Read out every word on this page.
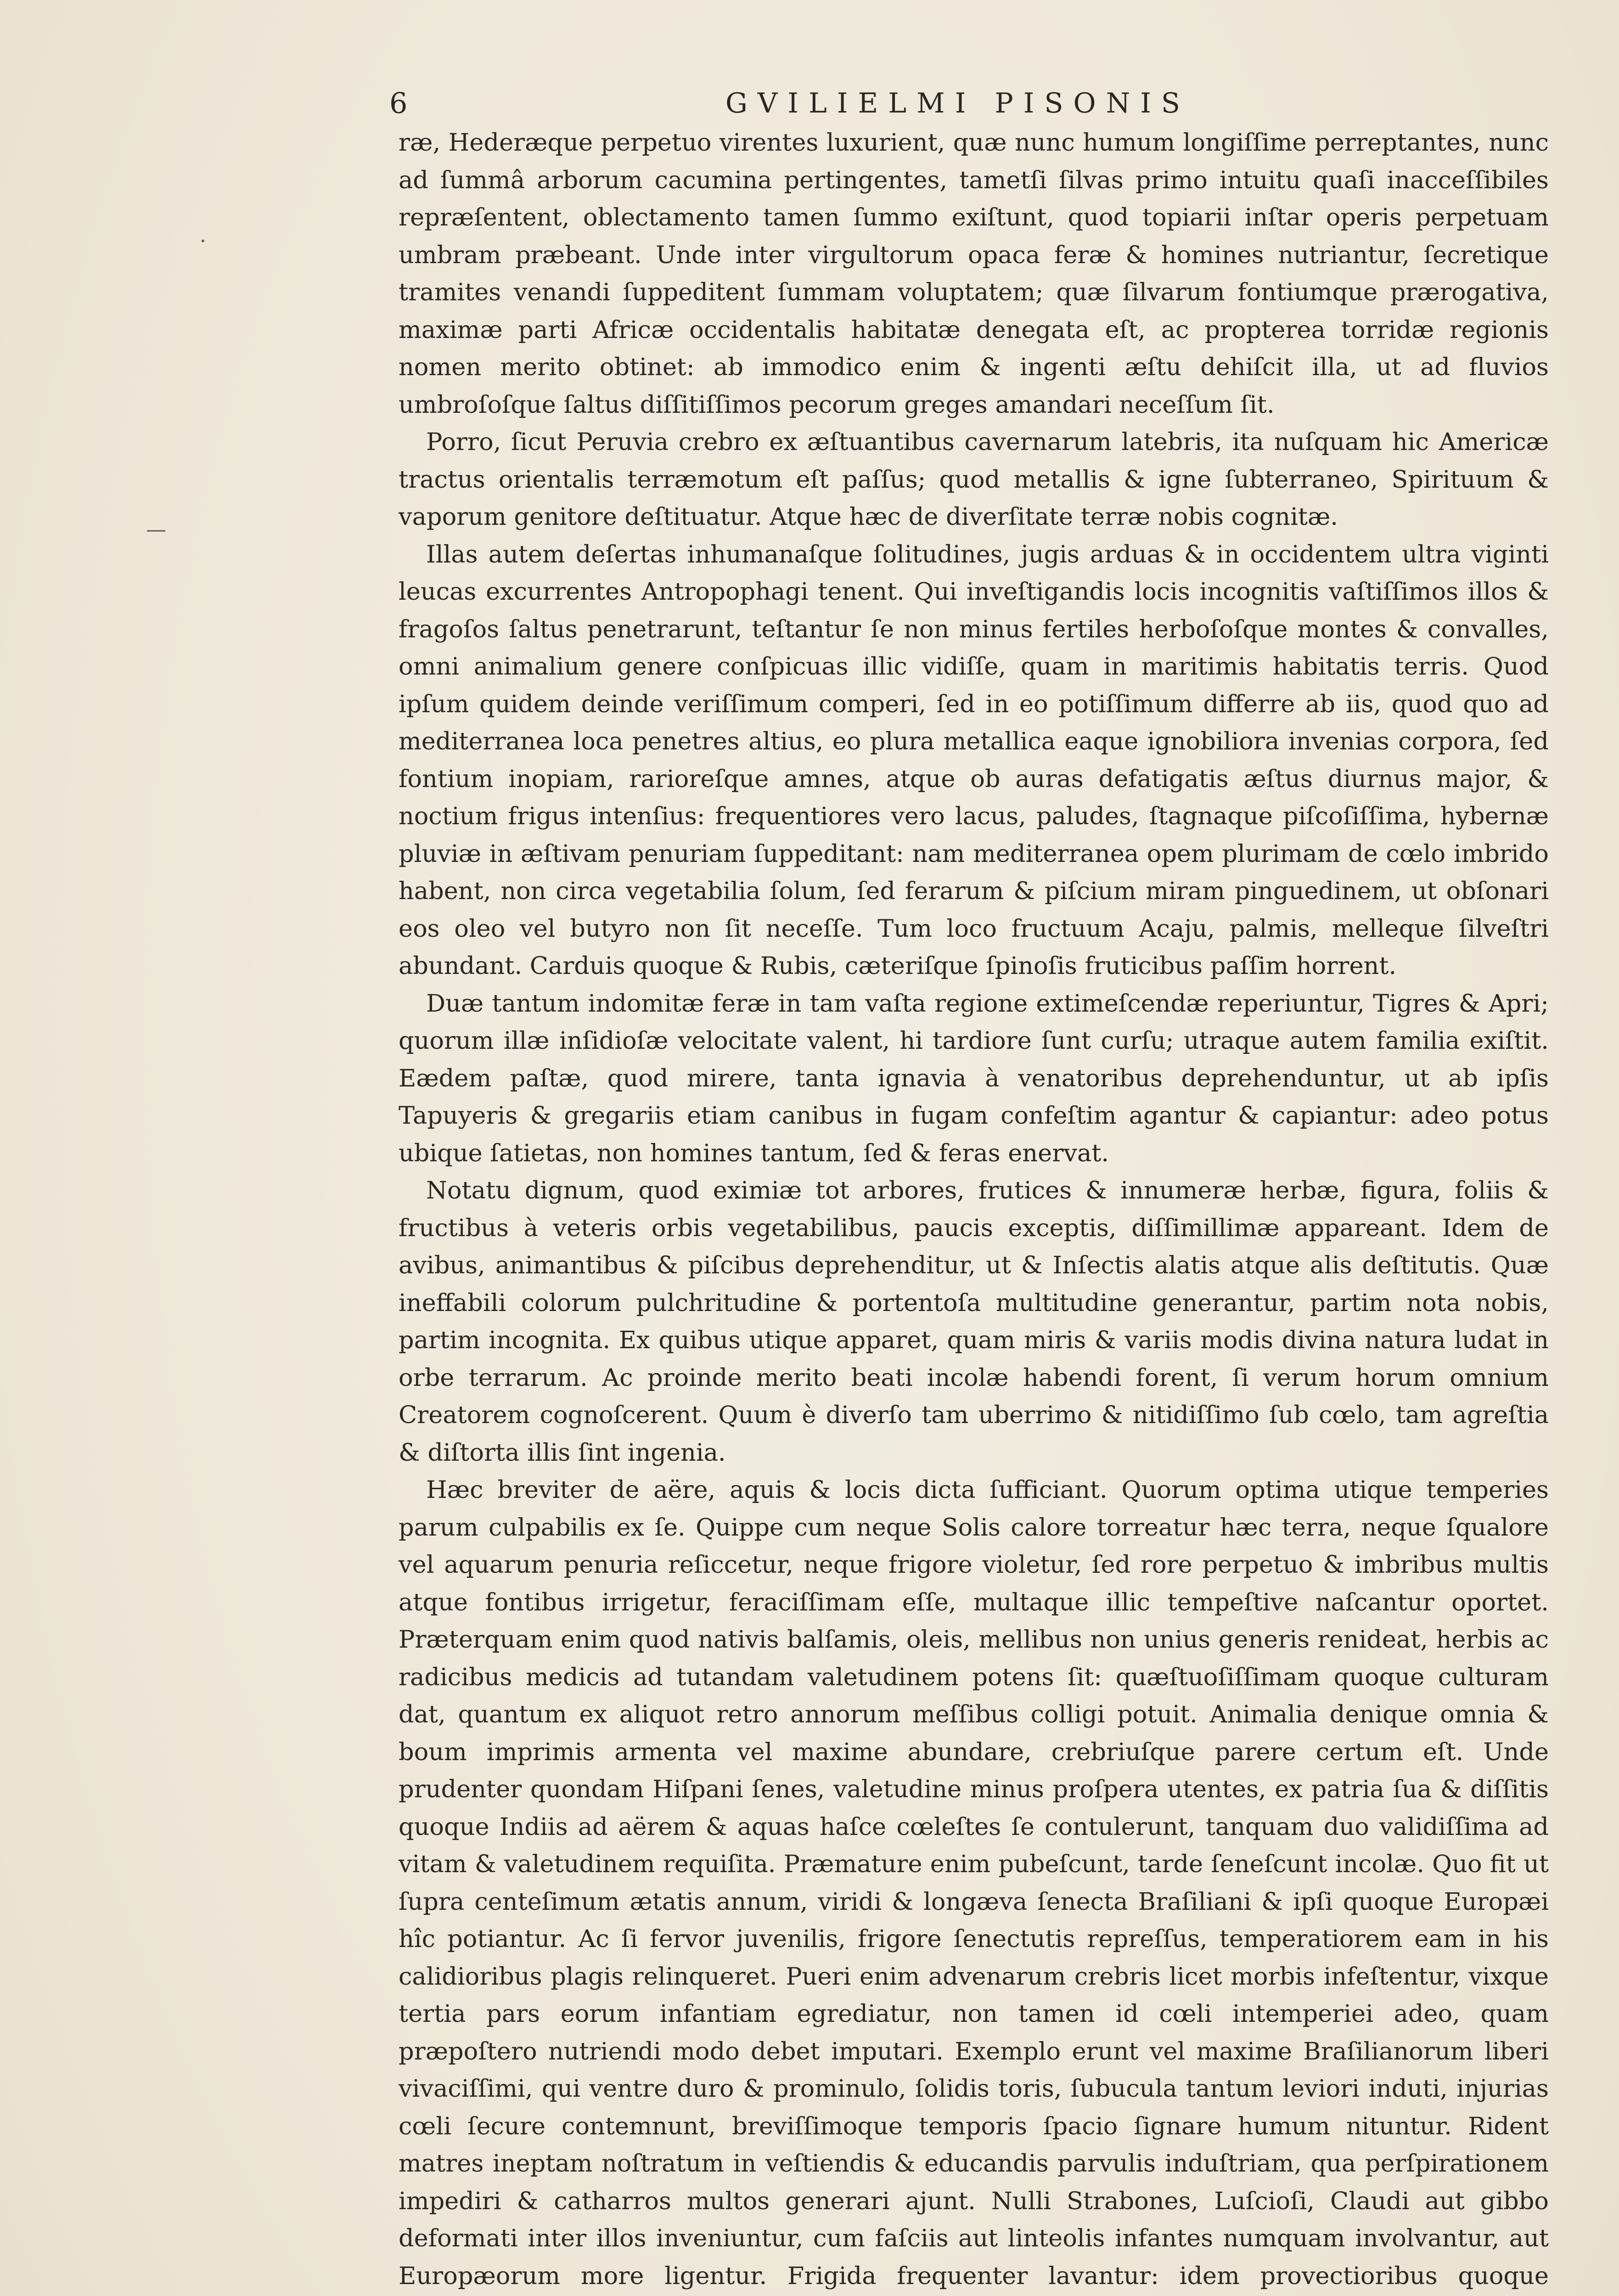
6	GVILIELMI PISONIS

ræ, Hederæque perpetuo virentes luxurient, quæ nunc humum longiſſime perreptantes, nunc ad ſummâ arborum cacumina pertingentes, tametſi ſilvas primo intuitu quaſi inacceſſibiles repræſentent, oblectamento tamen ſummo exiſtunt, quod topiarii inſtar operis perpetuam umbram præbeant. Unde inter virgultorum opaca feræ & homines nutriantur, ſecretique tramites venandi ſuppeditent ſummam voluptatem; quæ ſilvarum fontiumque prærogativa, maximæ parti Africæ occidentalis habitatæ denegata eſt, ac propterea torridæ regionis nomen merito obtinet: ab immodico enim & ingenti æſtu dehiſcit illa, ut ad fluvios umbroſoſque ſaltus diſſitiſſimos pecorum greges amandari neceſſum ſit.

Porro, ſicut Peruvia crebro ex æſtuantibus cavernarum latebris, ita nuſquam hic Americæ tractus orientalis terræmotum eſt paſſus; quod metallis & igne ſubterraneo, Spirituum & vaporum genitore deſtituatur. Atque hæc de diverſitate terræ nobis cognitæ.

Illas autem deſertas inhumanaſque ſolitudines, jugis arduas & in occidentem ultra viginti leucas excurrentes Antropophagi tenent. Qui inveſtigandis locis incognitis vaſtiſſimos illos & fragoſos ſaltus penetrarunt, teſtantur ſe non minus fertiles herboſoſque montes & convalles, omni animalium genere conſpicuas illic vidiſſe, quam in maritimis habitatis terris. Quod ipſum quidem deinde veriſſimum comperi, ſed in eo potiſſimum differre ab iis, quod quo ad mediterranea loca penetres altius, eo plura metallica eaque ignobiliora invenias corpora, ſed fontium inopiam, rarioreſque amnes, atque ob auras defatigatis æſtus diurnus major, & noctium frigus intenſius: frequentiores vero lacus, paludes, ſtagnaque piſcoſiſſima, hybernæ pluviæ in æſtivam penuriam ſuppeditant: nam mediterranea opem plurimam de cœlo imbrido habent, non circa vegetabilia ſolum, ſed ferarum & piſcium miram pinguedinem, ut obſonari eos oleo vel butyro non ſit neceſſe. Tum loco fructuum Acaju, palmis, melleque ſilveſtri abundant. Carduis quoque & Rubis, cæteriſque ſpinoſis fruticibus paſſim horrent.

Duæ tantum indomitæ feræ in tam vaſta regione extimeſcendæ reperiuntur, Tigres & Apri; quorum illæ inſidioſæ velocitate valent, hi tardiore ſunt curſu; utraque autem familia exiſtit. Eædem paſtæ, quod mirere, tanta ignavia à venatoribus deprehenduntur, ut ab ipſis Tapuyeris & gregariis etiam canibus in fugam confeſtim agantur & capiantur: adeo potus ubique ſatietas, non homines tantum, ſed & feras enervat.

Notatu dignum, quod eximiæ tot arbores, frutices & innumeræ herbæ, figura, foliis & fructibus à veteris orbis vegetabilibus, paucis exceptis, diſſimillimæ appareant. Idem de avibus, animantibus & piſcibus deprehenditur, ut & Inſectis alatis atque alis deſtitutis. Quæ ineffabili colorum pulchritudine & portentoſa multitudine generantur, partim nota nobis, partim incognita. Ex quibus utique apparet, quam miris & variis modis divina natura ludat in orbe terrarum. Ac proinde merito beati incolæ habendi forent, ſi verum horum omnium Creatorem cognoſcerent. Quum è diverſo tam uberrimo & nitidiſſimo ſub cœlo, tam agreſtia & diſtorta illis ſint ingenia.

Hæc breviter de aëre, aquis & locis dicta ſufficiant. Quorum optima utique temperies parum culpabilis ex ſe. Quippe cum neque Solis calore torreatur hæc terra, neque ſqualore vel aquarum penuria reſiccetur, neque frigore violetur, ſed rore perpetuo & imbribus multis atque fontibus irrigetur, feraciſſimam eſſe, multaque illic tempeſtive naſcantur oportet. Præterquam enim quod nativis balſamis, oleis, mellibus non unius generis renideat, herbis ac radicibus medicis ad tutandam valetudinem potens ſit: quæſtuoſiſſimam quoque culturam dat, quantum ex aliquot retro annorum meſſibus colligi potuit. Animalia denique omnia & boum imprimis armenta vel maxime abundare, crebriuſque parere certum eſt. Unde prudenter quondam Hiſpani ſenes, valetudine minus proſpera utentes, ex patria ſua & diſſitis quoque Indiis ad aërem & aquas haſce cœleſtes ſe contulerunt, tanquam duo validiſſima ad vitam & valetudinem requiſita. Præmature enim pubeſcunt, tarde ſeneſcunt incolæ. Quo fit ut ſupra centeſimum ætatis annum, viridi & longæva ſenecta Braſiliani & ipſi quoque Europæi hîc potiantur. Ac ſi fervor juvenilis, frigore ſenectutis repreſſus, temperatiorem eam in his calidioribus plagis relinqueret. Pueri enim advenarum crebris licet morbis infeſtentur, vixque tertia pars eorum infantiam egrediatur, non tamen id cœli intemperiei adeo, quam præpoſtero nutriendi modo debet imputari. Exemplo erunt vel maxime Braſilianorum liberi vivaciſſimi, qui ventre duro & prominulo, ſolidis toris, ſubucula tantum leviori induti, injurias cœli ſecure contemnunt, breviſſimoque temporis ſpacio ſignare humum nituntur. Rident matres ineptam noſtratum in veſtiendis & educandis parvulis induſtriam, qua perſpirationem impediri & catharros multos generari ajunt. Nulli Strabones, Luſcioſi, Claudi aut gibbo deformati inter illos inveniuntur, cum faſciis aut linteolis infantes numquam involvantur, aut Europæorum more ligentur. Frigida frequenter lavantur: idem provectioribus quoque

—
·
